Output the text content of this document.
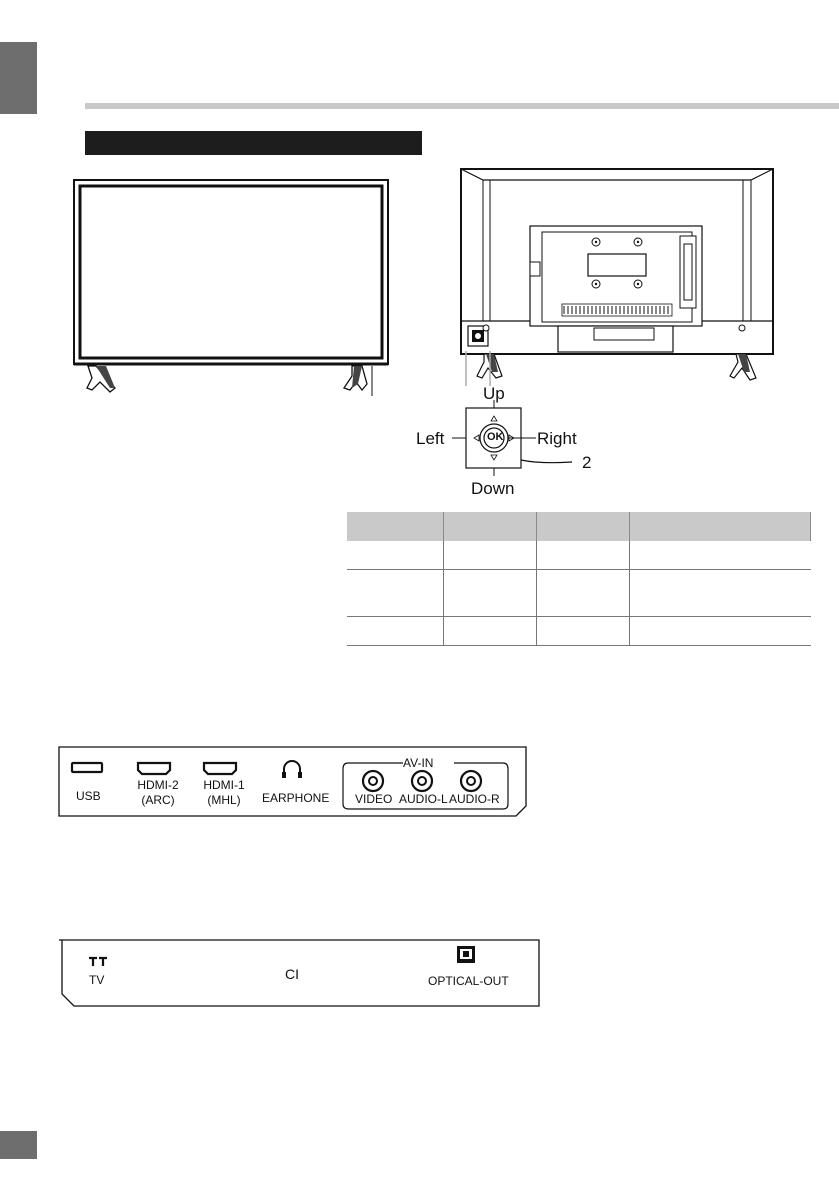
OK
Up
Left	Right
Down
2

AV-IN
USB
HDMI-2
(ARC)
HDMI-1
(MHL)	EARPHONE VIDEO AUDIO-L AUDIO-R
TV	CI	OPTICAL-OUT
